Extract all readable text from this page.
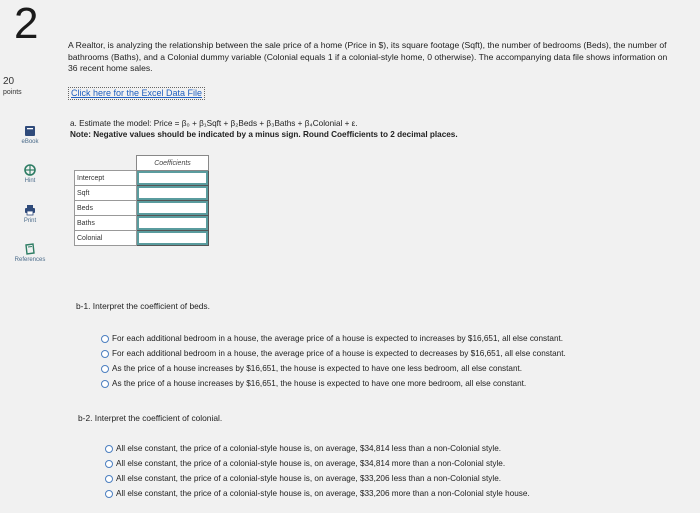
2
20
points
eBook
Hint
Print
References
A Realtor, is analyzing the relationship between the sale price of a home (Price in $), its square footage (Sqft), the number of bedrooms (Beds), the number of bathrooms (Baths), and a Colonial dummy variable (Colonial equals 1 if a colonial-style home, 0 otherwise). The accompanying data file shows information on 36 recent home sales.
Click here for the Excel Data File
a. Estimate the model: Price = β₀ + β₁Sqft + β₂Beds + β₃Baths + β₄Colonial + ε.
Note: Negative values should be indicated by a minus sign. Round Coefficients to 2 decimal places.
	Coefficients
Intercept	

Sqft	

Beds	

Baths	

Colonial	
b-1. Interpret the coefficient of beds.
For each additional bedroom in a house, the average price of a house is expected to increases by $16,651, all else constant.
For each additional bedroom in a house, the average price of a house is expected to decreases by $16,651, all else constant.
As the price of a house increases by $16,651, the house is expected to have one less bedroom, all else constant.
As the price of a house increases by $16,651, the house is expected to have one more bedroom, all else constant.
b-2. Interpret the coefficient of colonial.
All else constant, the price of a colonial-style house is, on average, $34,814 less than a non-Colonial style.
All else constant, the price of a colonial-style house is, on average, $34,814 more than a non-Colonial style.
All else constant, the price of a colonial-style house is, on average, $33,206 less than a non-Colonial style.
All else constant, the price of a colonial-style house is, on average, $33,206 more than a non-Colonial style house.
